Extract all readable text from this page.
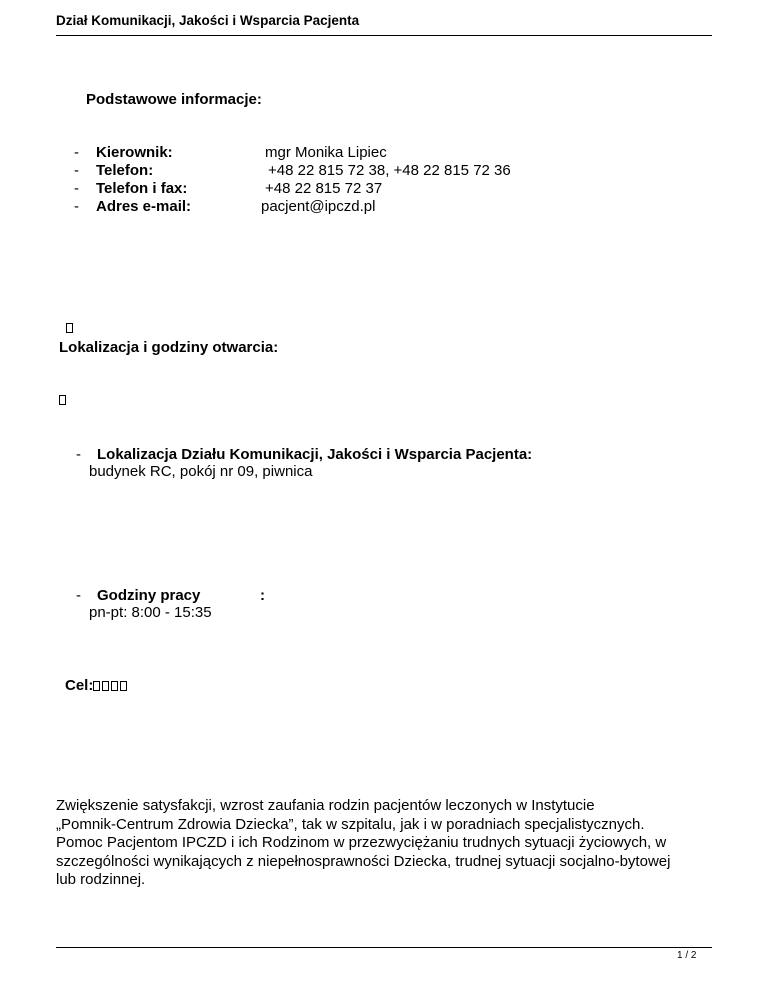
Dział Komunikacji, Jakości i Wsparcia Pacjenta
Podstawowe informacje:
- Kierownik:	mgr Monika Lipiec
- Telefon:	+48 22 815 72 38, +48 22 815 72 36
- Telefon i fax:	+48 22 815 72 37
- Adres e-mail:	pacjent@ipczd.pl
Lokalizacja i godziny otwarcia:
- Lokalizacja Działu Komunikacji, Jakości i Wsparcia Pacjenta:
budynek RC, pokój nr 09, piwnica
- Godziny pracy	:
pn-pt: 8:00 - 15:35
Cel:
Zwiększenie satysfakcji, wzrost zaufania rodzin pacjentów leczonych w Instytucie
„Pomnik-Centrum Zdrowia Dziecka”, tak w szpitalu, jak i w poradniach specjalistycznych.
Pomoc Pacjentom IPCZD i ich Rodzinom w przezwyciężaniu trudnych sytuacji życiowych, w
szczególności wynikających z niepełnosprawności Dziecka, trudnej sytuacji socjalno-bytowej
lub rodzinnej.
1 / 2
